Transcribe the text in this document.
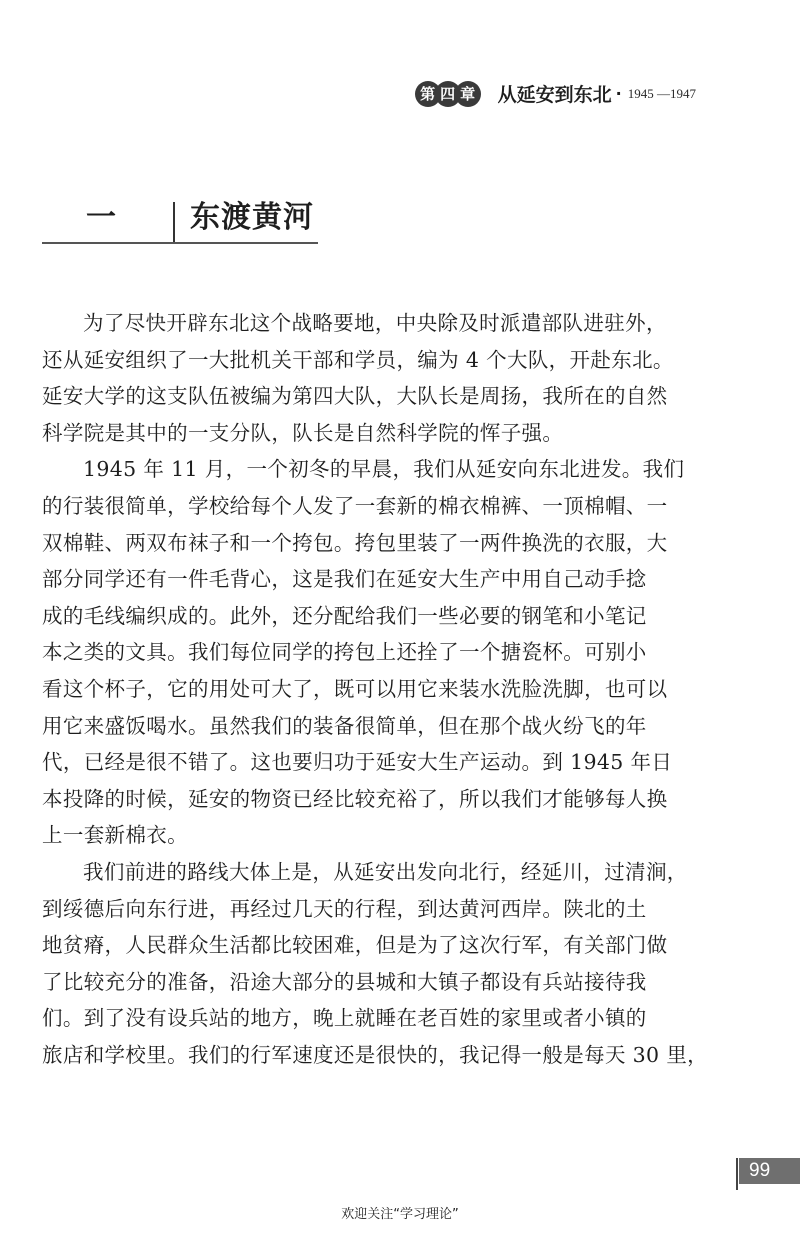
第 四 章 从延安到东北 · 1945 —1947
一 东渡黄河

为了尽快开辟东北这个战略要地，中央除及时派遣部队进驻外，
还从延安组织了一大批机关干部和学员，编为 4 个大队，开赴东北。
延安大学的这支队伍被编为第四大队，大队长是周扬，我所在的自然
科学院是其中的一支分队，队长是自然科学院的恽子强。

1945 年 11 月，一个初冬的早晨，我们从延安向东北进发。我们
的行装很简单，学校给每个人发了一套新的棉衣棉裤、一顶棉帽、一
双棉鞋、两双布袜子和一个挎包。挎包里装了一两件换洗的衣服，大
部分同学还有一件毛背心，这是我们在延安大生产中用自己动手捻
成的毛线编织成的。此外，还分配给我们一些必要的钢笔和小笔记
本之类的文具。我们每位同学的挎包上还拴了一个搪瓷杯。可别小
看这个杯子，它的用处可大了，既可以用它来装水洗脸洗脚，也可以
用它来盛饭喝水。虽然我们的装备很简单，但在那个战火纷飞的年
代，已经是很不错了。这也要归功于延安大生产运动。到 1945 年日
本投降的时候，延安的物资已经比较充裕了，所以我们才能够每人换
上一套新棉衣。

我们前进的路线大体上是，从延安出发向北行，经延川，过清涧，
到绥德后向东行进，再经过几天的行程，到达黄河西岸。陕北的土
地贫瘠，人民群众生活都比较困难，但是为了这次行军，有关部门做
了比较充分的准备，沿途大部分的县城和大镇子都设有兵站接待我
们。到了没有设兵站的地方，晚上就睡在老百姓的家里或者小镇的
旅店和学校里。我们的行军速度还是很快的，我记得一般是每天 30 里，

99
欢迎关注“学习理论”
